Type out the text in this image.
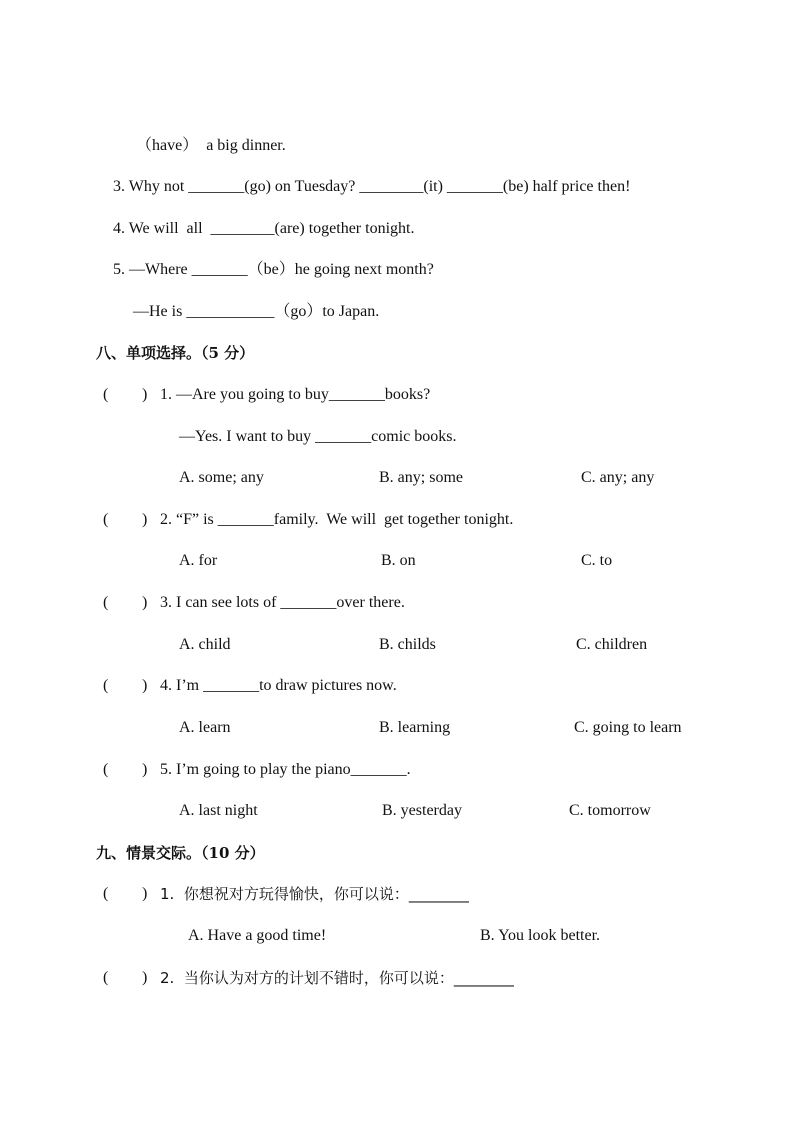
（have）  a big dinner.
3. Why not _______(go) on Tuesday? ________(it) _______(be) half price then!
4. We will  all  ________(are) together tonight.
5. —Where _______（be）he going next month?
—He is ___________（go）to Japan.
八、单项选择。（5 分）
( ) 1. —Are you going to buy_______books?
—Yes. I want to buy _______comic books.
A. some; any	B. any; some	C. any; any
( ) 2. “F” is _______family.  We will  get together tonight.
A. for	B. on	C. to
( ) 3. I can see lots of _______over there.
A. child	B. childs	C. children
( ) 4. I’m _______to draw pictures now.
A. learn	B. learning	C. going to learn
( ) 5. I’m going to play the piano_______.
A. last night	B. yesterday	C. tomorrow
九、情景交际。（10 分）
( ) 1.  你想祝对方玩得愉快，你可以说：________
A. Have a good time!	B. You look better.
( ) 2.  当你认为对方的计划不错时，你可以说：________
